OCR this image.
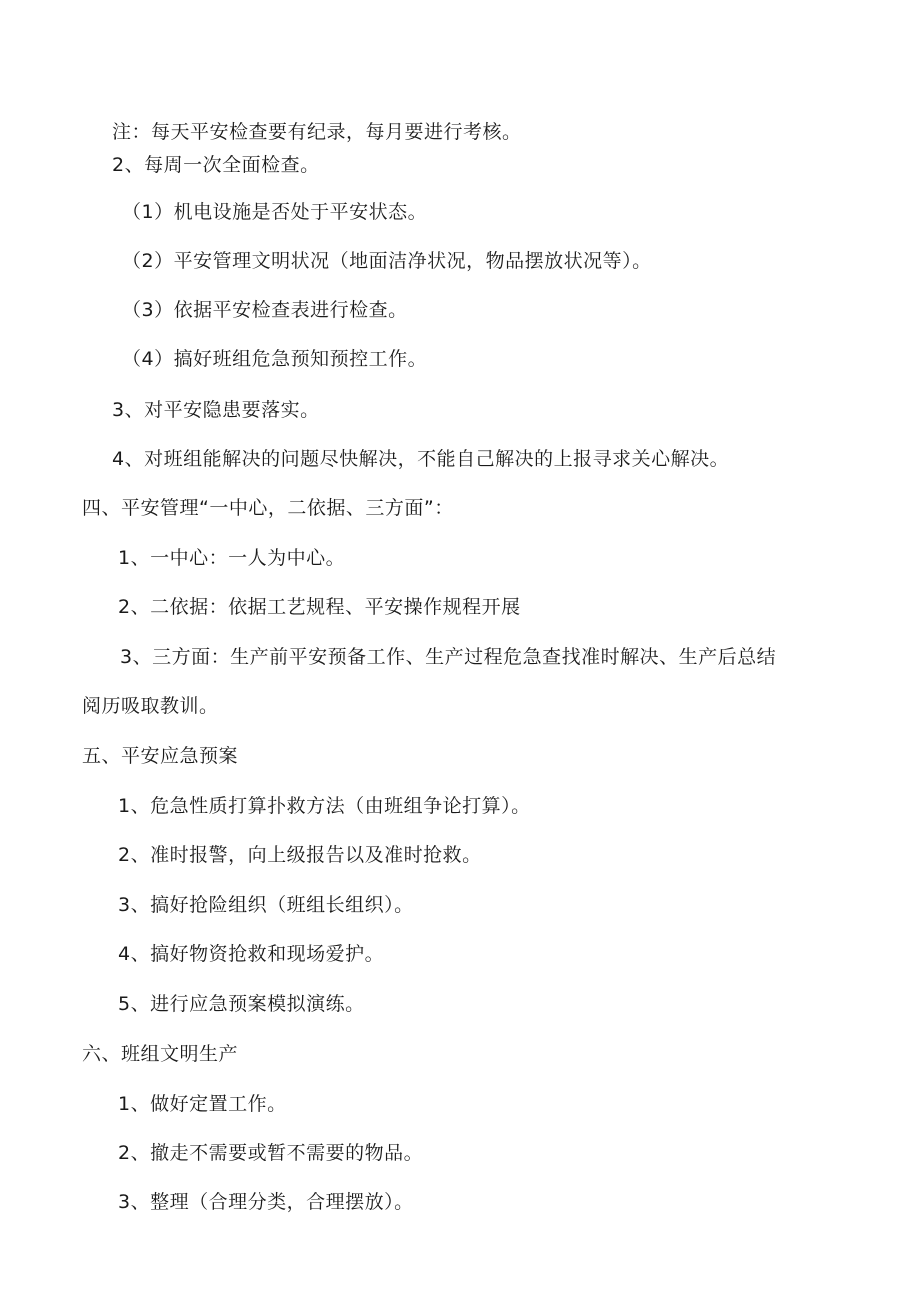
注：每天平安检查要有纪录，每月要进行考核。
2、每周一次全面检查。
（1）机电设施是否处于平安状态。
（2）平安管理文明状况（地面洁净状况，物品摆放状况等）。
（3）依据平安检查表进行检查。
（4）搞好班组危急预知预控工作。
3、对平安隐患要落实。
4、对班组能解决的问题尽快解决，不能自己解决的上报寻求关心解决。
四、平安管理“一中心，二依据、三方面”：
1、一中心：一人为中心。
2、二依据：依据工艺规程、平安操作规程开展
3、三方面：生产前平安预备工作、生产过程危急查找准时解决、生产后总结
阅历吸取教训。
五、平安应急预案
1、危急性质打算扑救方法（由班组争论打算）。
2、准时报警，向上级报告以及准时抢救。
3、搞好抢险组织（班组长组织）。
4、搞好物资抢救和现场爱护。
5、进行应急预案模拟演练。
六、班组文明生产
1、做好定置工作。
2、撤走不需要或暂不需要的物品。
3、整理（合理分类，合理摆放）。
